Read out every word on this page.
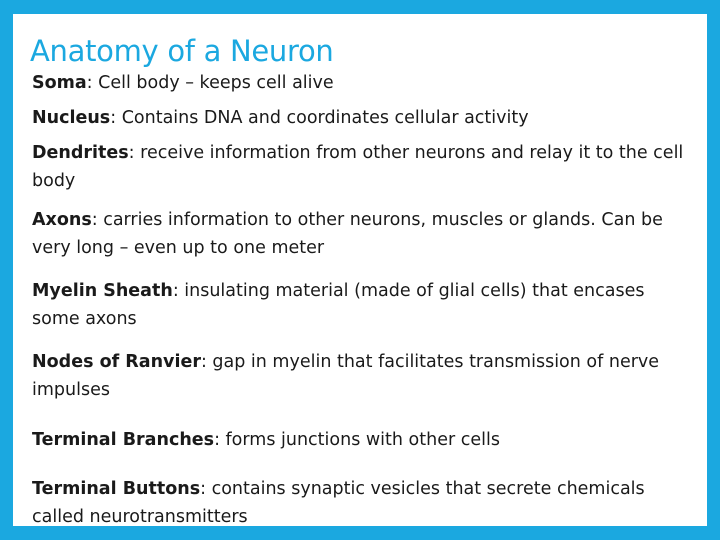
Anatomy of a Neuron
Soma: Cell body – keeps cell alive
Nucleus: Contains DNA and coordinates cellular activity
Dendrites: receive information from other neurons and relay it to the cell body
Axons: carries information to other neurons, muscles or glands. Can be very long – even up to one meter
Myelin Sheath: insulating material (made of glial cells) that encases some axons
Nodes of Ranvier: gap in myelin that facilitates transmission of nerve impulses
Terminal Branches: forms junctions with other cells
Terminal Buttons: contains synaptic vesicles that secrete chemicals called neurotransmitters
